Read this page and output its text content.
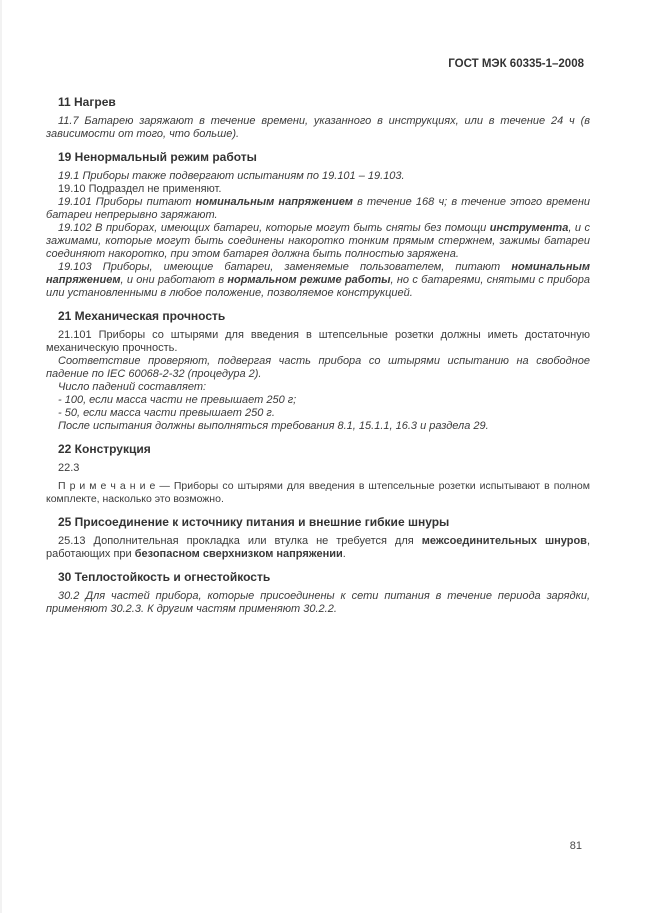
ГОСТ МЭК 60335-1–2008
11 Нагрев

11.7 Батарею заряжают в течение времени, указанного в инструкциях, или в течение 24 ч (в зависимости от того, что больше).

19 Ненормальный режим работы

19.1 Приборы также подвергают испытаниям по 19.101 – 19.103.

19.10 Подраздел не применяют.

19.101 Приборы питают номинальным напряжением в течение 168 ч; в течение этого времени батареи непрерывно заряжают.

19.102 В приборах, имеющих батареи, которые могут быть сняты без помощи инструмента, и с зажимами, которые могут быть соединены накоротко тонким прямым стержнем, зажимы батареи соединяют накоротко, при этом батарея должна быть полностью заряжена.

19.103 Приборы, имеющие батареи, заменяемые пользователем, питают номинальным напряжением, и они работают в нормальном режиме работы, но с батареями, снятыми с прибора или установленными в любое положение, позволяемое конструкцией.

21 Механическая прочность

21.101 Приборы со штырями для введения в штепсельные розетки должны иметь достаточную механическую прочность.

Соответствие проверяют, подвергая часть прибора со штырями испытанию на свободное падение по IEC 60068-2-32 (процедура 2).

Число падений составляет:

- 100, если масса части не превышает 250 г;

- 50, если масса части превышает 250 г.

После испытания должны выполняться требования 8.1, 15.1.1, 16.3 и раздела 29.

22 Конструкция

22.3

П р и м е ч а н и е — Приборы со штырями для введения в штепсельные розетки испытывают в полном комплекте, насколько это возможно.

25 Присоединение к источнику питания и внешние гибкие шнуры

25.13 Дополнительная прокладка или втулка не требуется для межсоединительных шнуров, работающих при безопасном сверхнизком напряжении.

30 Теплостойкость и огнестойкость

30.2 Для частей прибора, которые присоединены к сети питания в течение периода зарядки, применяют 30.2.3. К другим частям применяют 30.2.2.

81
